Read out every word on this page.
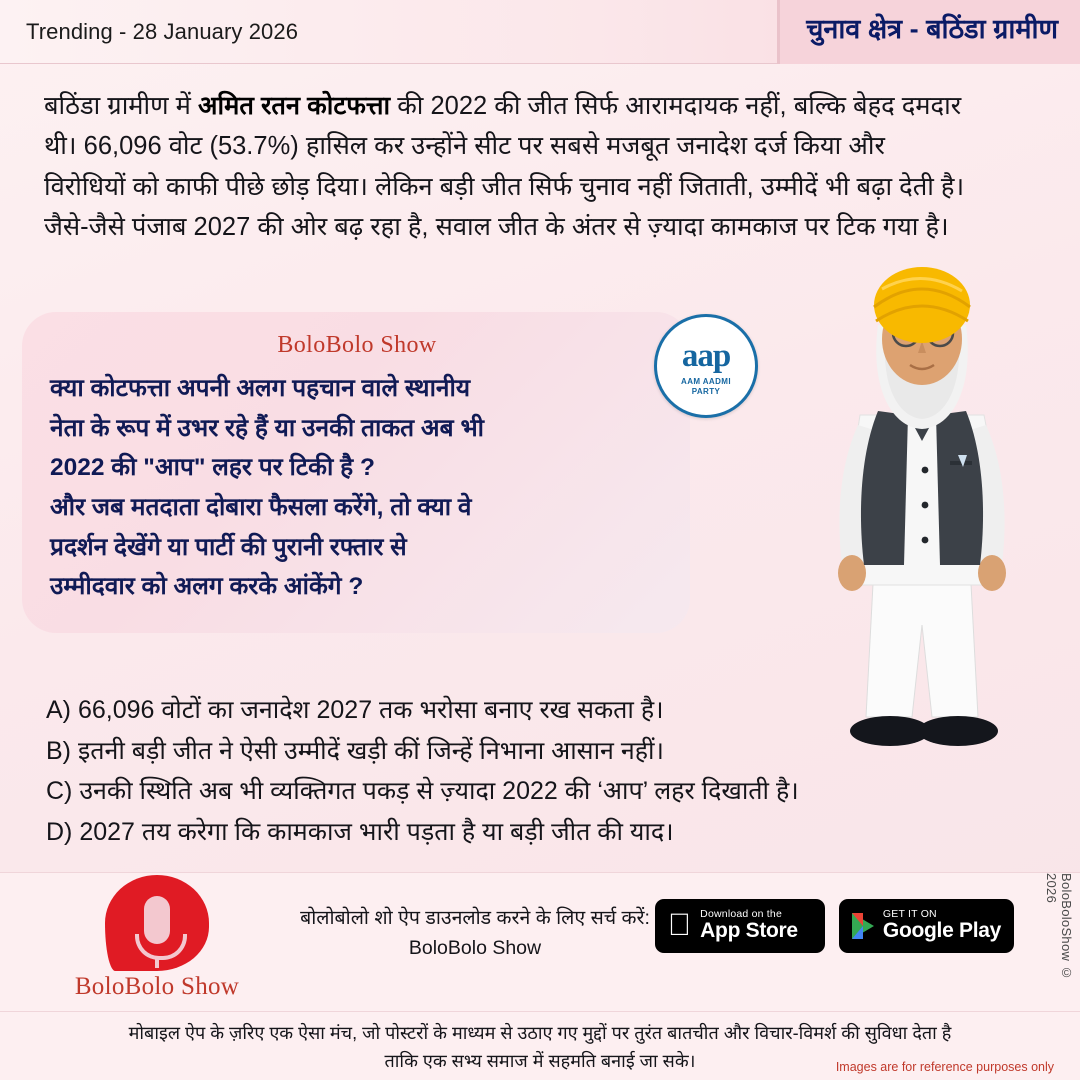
Trending - 28 January 2026	चुनाव क्षेत्र - बठिंडा ग्रामीण
बठिंडा ग्रामीण में अमित रतन कोटफत्ता की 2022 की जीत सिर्फ आरामदायक नहीं, बल्कि बेहद दमदार थी। 66,096 वोट (53.7%) हासिल कर उन्होंने सीट पर सबसे मजबूत जनादेश दर्ज किया और विरोधियों को काफी पीछे छोड़ दिया। लेकिन बड़ी जीत सिर्फ चुनाव नहीं जिताती, उम्मीदें भी बढ़ा देती है। जैसे-जैसे पंजाब 2027 की ओर बढ़ रहा है, सवाल जीत के अंतर से ज़्यादा कामकाज पर टिक गया है।
BoloBolo Show
क्या कोटफत्ता अपनी अलग पहचान वाले स्थानीय
नेता के रूप में उभर रहे हैं या उनकी ताकत अब भी
2022 की "आप" लहर पर टिकी है ?
और जब मतदाता दोबारा फैसला करेंगे, तो क्या वे
प्रदर्शन देखेंगे या पार्टी की पुरानी रफ्तार से
उम्मीदवार को अलग करके आंकेंगे ?
aap
AAM AADMI
PARTY
A) 66,096 वोटों का जनादेश 2027 तक भरोसा बनाए रख सकता है।
B) इतनी बड़ी जीत ने ऐसी उम्मीदें खड़ी कीं जिन्हें निभाना आसान नहीं।
C) उनकी स्थिति अब भी व्यक्तिगत पकड़ से ज़्यादा 2022 की ‘आप’ लहर दिखाती है।
D) 2027 तय करेगा कि कामकाज भारी पड़ता है या बड़ी जीत की याद।
BoloBolo Show
बोलोबोलो शो ऐप डाउनलोड करने के लिए सर्च करें:
BoloBolo Show
Download on the
App Store
GET IT ON
Google Play
मोबाइल ऐप के ज़रिए एक ऐसा मंच, जो पोस्टरों के माध्यम से उठाए गए मुद्दों पर तुरंत बातचीत और विचार-विमर्श की सुविधा देता है
ताकि एक सभ्य समाज में सहमति बनाई जा सके।
BoloBoloShow © 2026
Images are for reference purposes only
